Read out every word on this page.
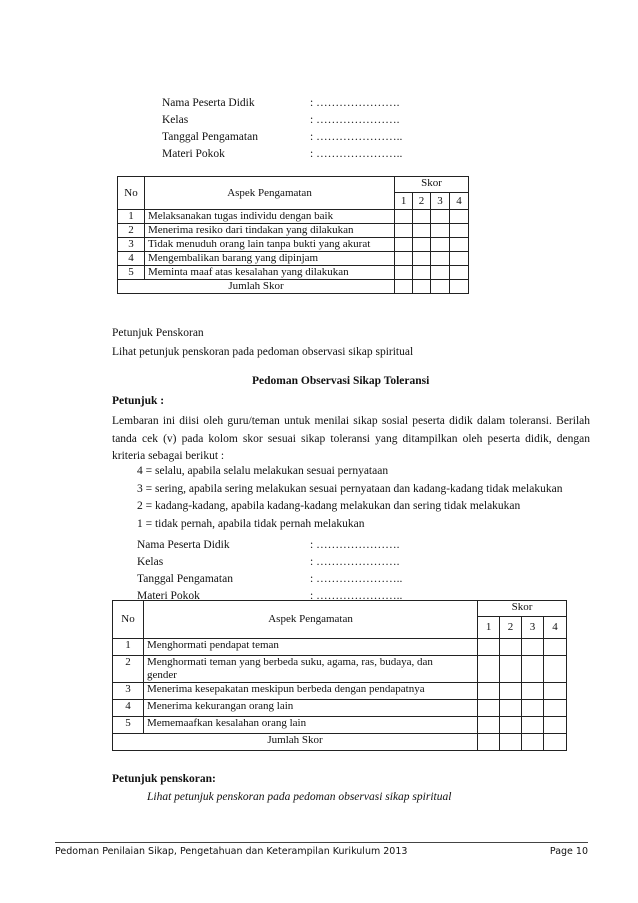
Nama Peserta Didik	: ………………….
Kelas	: ………………….
Tanggal Pengamatan	: …………………..
Materi Pokok	: …………………..
No	Aspek Pengamatan	Skor			
		1	2	3	4
1	Melaksanakan tugas individu dengan baik				
2	Menerima resiko dari tindakan yang dilakukan				
3	Tidak menuduh orang lain tanpa bukti yang akurat				
4	Mengembalikan barang yang dipinjam				
5	Meminta maaf atas kesalahan yang dilakukan				
Jumlah Skor					
Petunjuk Penskoran
Lihat petunjuk penskoran pada pedoman observasi sikap spiritual
Pedoman Observasi Sikap Toleransi
Petunjuk :
Lembaran ini diisi oleh guru/teman untuk menilai sikap sosial peserta didik dalam toleransi. Berilah tanda cek (v) pada kolom skor sesuai sikap toleransi yang ditampilkan oleh peserta didik, dengan kriteria sebagai berikut :
4 = selalu, apabila selalu melakukan sesuai pernyataan
3 = sering, apabila sering melakukan sesuai pernyataan dan kadang-kadang tidak melakukan
2 = kadang-kadang, apabila kadang-kadang melakukan dan sering tidak melakukan
1 = tidak pernah, apabila tidak pernah melakukan
Nama Peserta Didik	: ………………….
Kelas	: ………………….
Tanggal Pengamatan	: …………………..
Materi Pokok	: …………………..
No	Aspek Pengamatan	Skor			
		1	2	3	4
1	Menghormati pendapat teman				
2	Menghormati teman yang berbeda suku, agama, ras, budaya, dan gender				
3	Menerima kesepakatan meskipun berbeda dengan pendapatnya				
4	Menerima kekurangan orang lain				
5	Mememaafkan kesalahan orang lain				
Jumlah Skor					
Petunjuk penskoran:
Lihat petunjuk penskoran pada pedoman observasi sikap spiritual
Pedoman Penilaian Sikap, Pengetahuan dan Keterampilan Kurikulum 2013	Page 10
